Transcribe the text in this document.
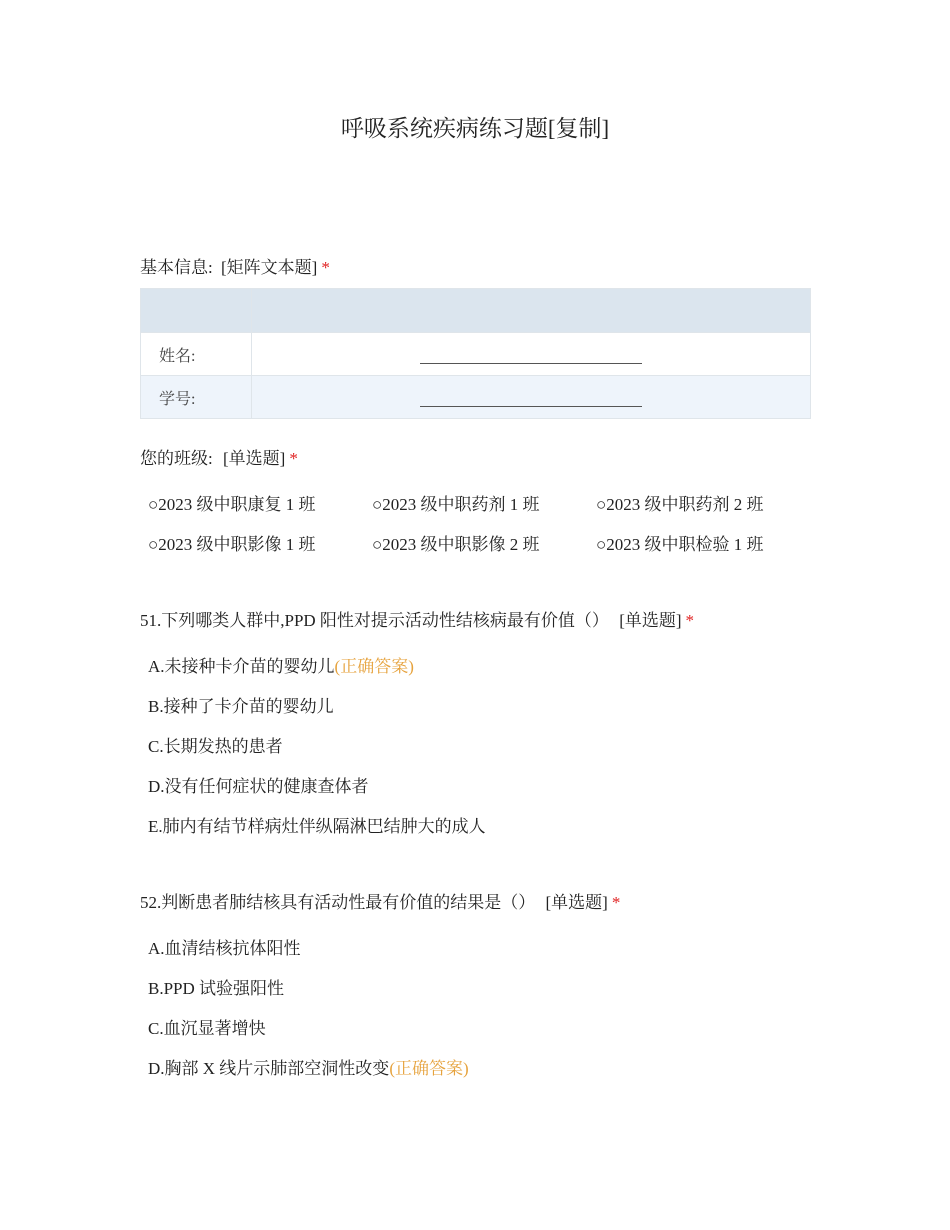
呼吸系统疾病练习题[复制]
基本信息: [矩阵文本题] *

姓名:	
学号:	
您的班级: [单选题] *
○2023 级中职康复 1 班	○2023 级中职药剂 1 班	○2023 级中职药剂 2 班
○2023 级中职影像 1 班	○2023 级中职影像 2 班	○2023 级中职检验 1 班
51.下列哪类人群中,PPD 阳性对提示活动性结核病最有价值（） [单选题] *
A.未接种卡介苗的婴幼儿(正确答案)
B.接种了卡介苗的婴幼儿
C.长期发热的患者
D.没有任何症状的健康查体者
E.肺内有结节样病灶伴纵隔淋巴结肿大的成人
52.判断患者肺结核具有活动性最有价值的结果是（） [单选题] *
A.血清结核抗体阳性
B.PPD 试验强阳性
C.血沉显著增快
D.胸部 X 线片示肺部空洞性改变(正确答案)
